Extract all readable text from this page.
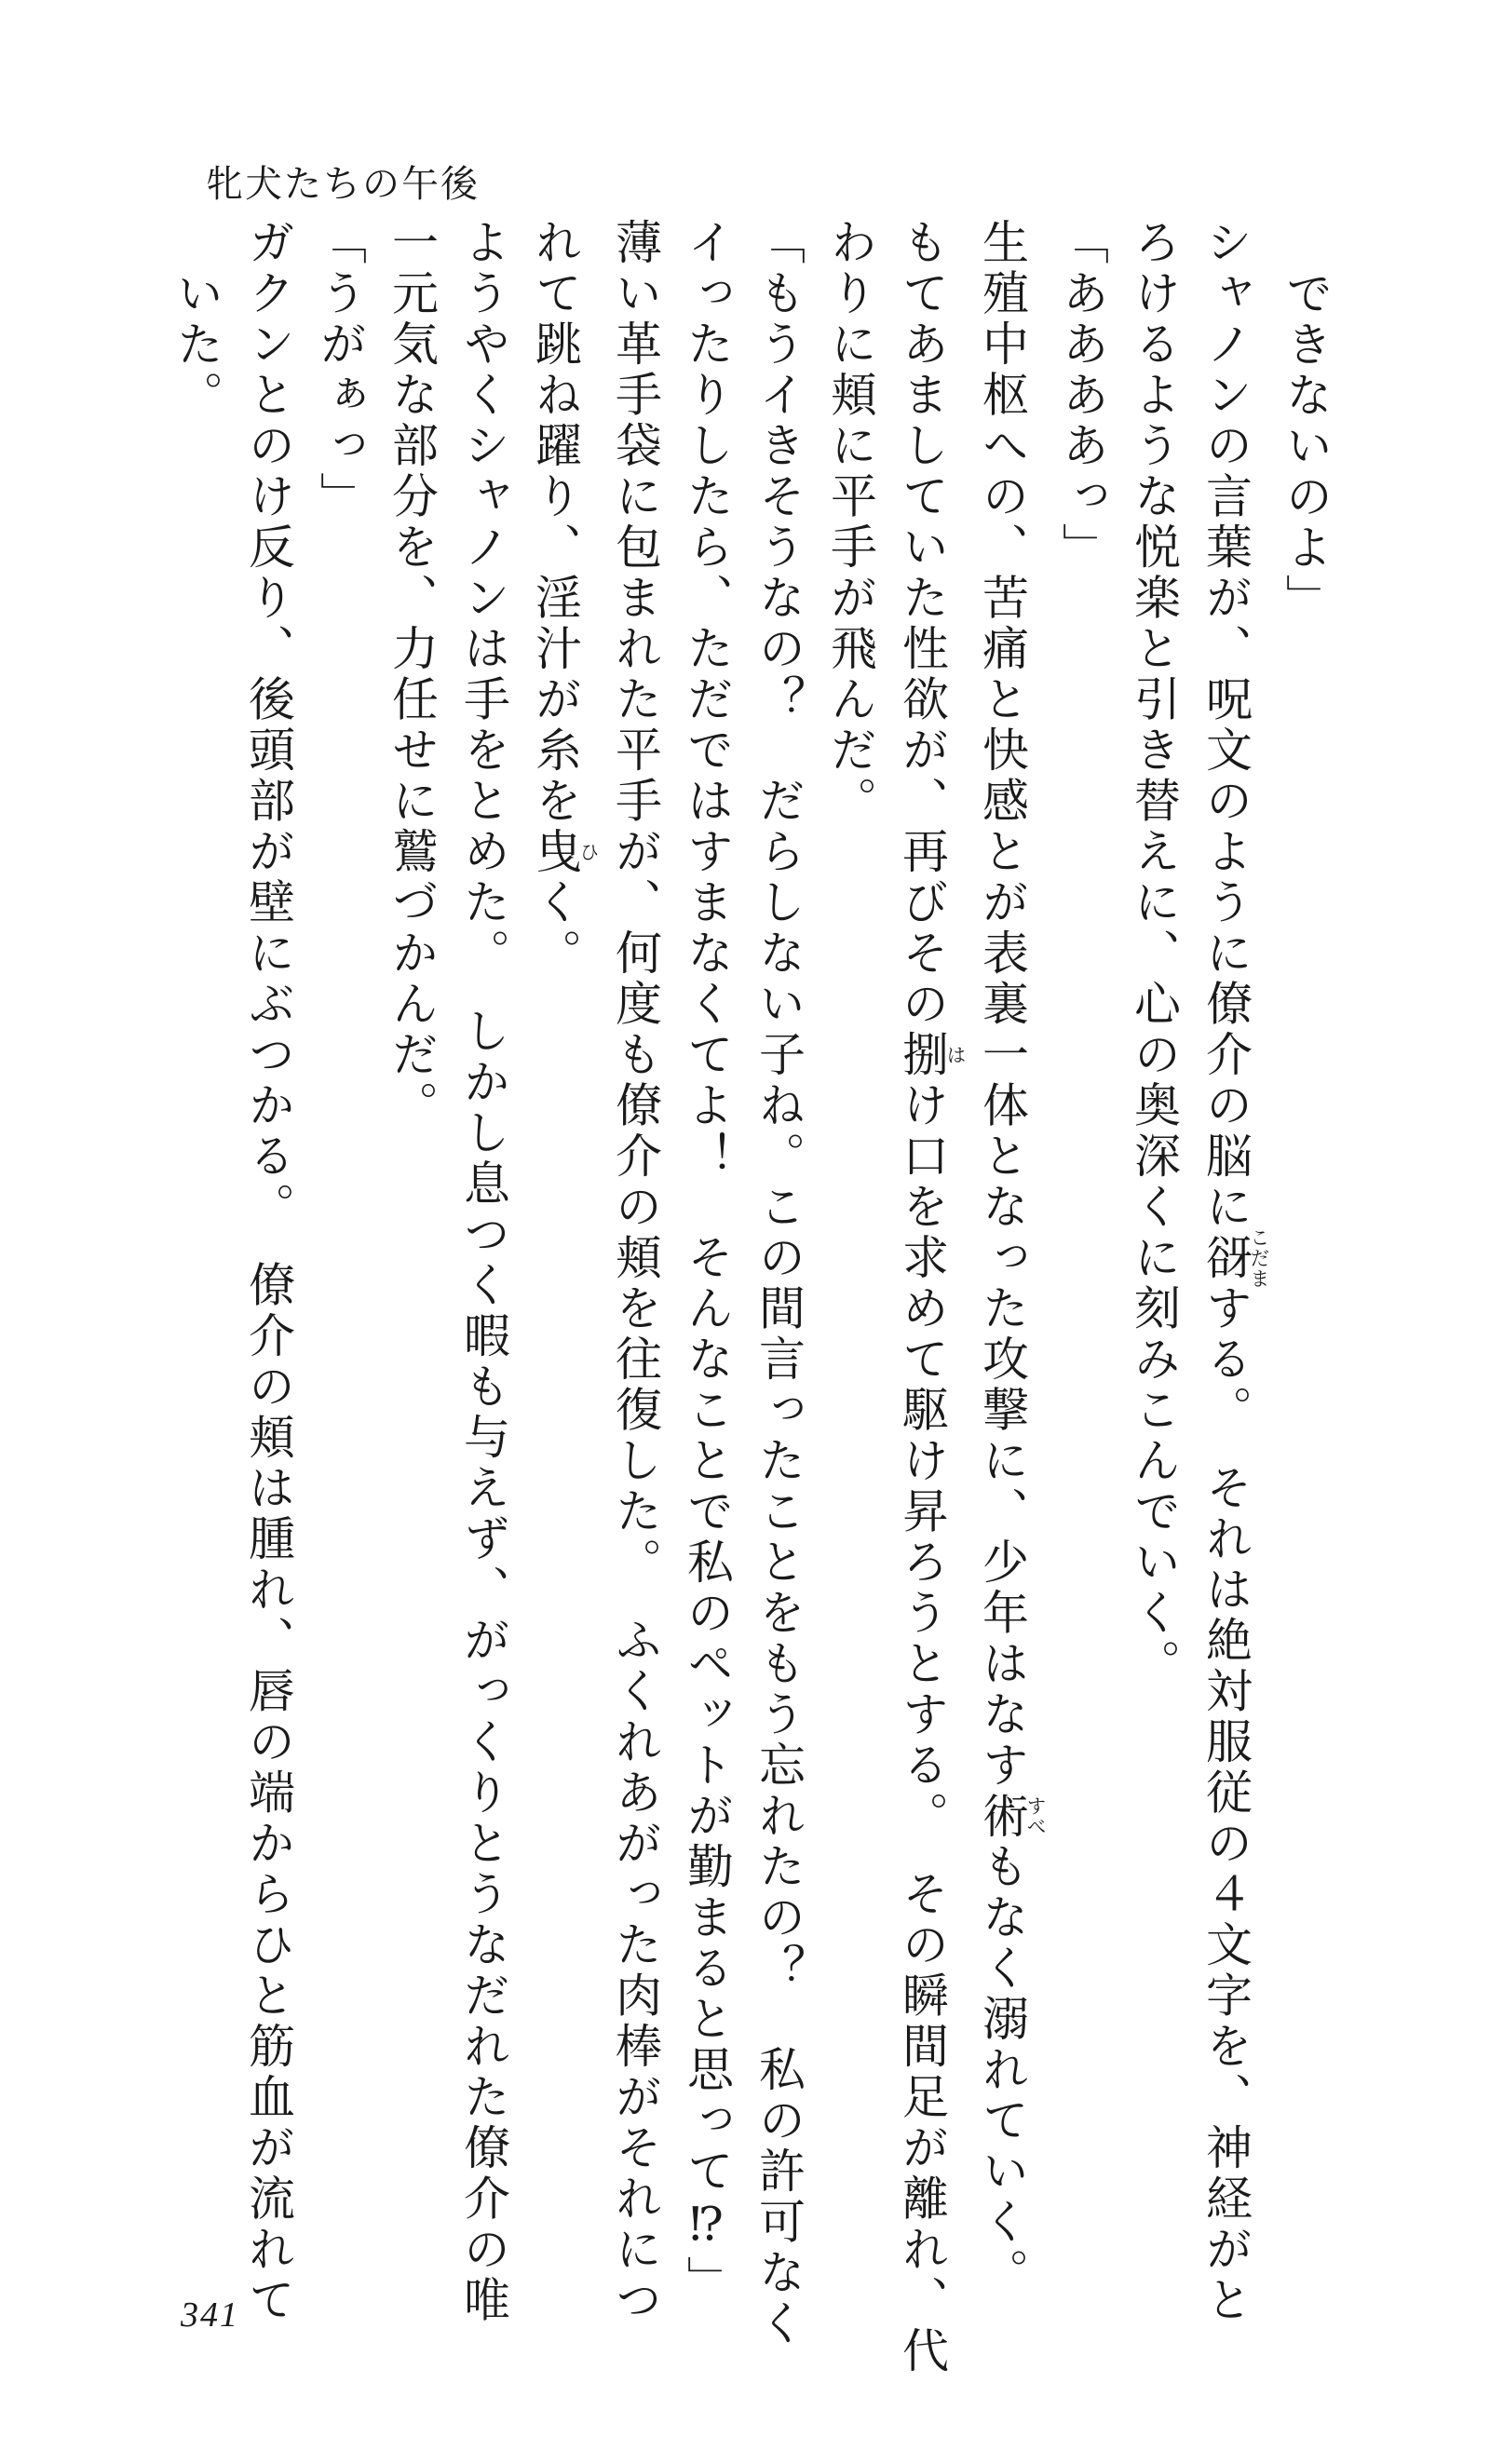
牝犬たちの午後
できないのよ」
シャノンの言葉が、呪文のように僚介の脳に谺こだまする。　それは絶対服従の４文字を、神経がと
ろけるような悦楽と引き替えに、心の奥深くに刻みこんでいく。
「ああああっ」
生殖中枢への、苦痛と快感とが表裏一体となった攻撃に、少年はなす術すべもなく溺れていく。
もてあましていた性欲が、再びその捌はけ口を求めて駆け昇ろうとする。　その瞬間足が離れ、代
わりに頬に平手が飛んだ。
「もうイきそうなの？　だらしない子ね。この間言ったことをもう忘れたの？　私の許可なく
イったりしたら、ただではすまなくてよ！　そんなことで私のペットが勤まると思って⁉」
薄い革手袋に包まれた平手が、何度も僚介の頬を往復した。　ふくれあがった肉棒がそれにつ
れて跳ね躍り、淫汁が糸を曳ひく。
ようやくシャノンは手をとめた。　しかし息つく暇も与えず、がっくりとうなだれた僚介の唯
一元気な部分を、力任せに鷲づかんだ。
「うがぁっ」
ガクンとのけ反り、後頭部が壁にぶつかる。　僚介の頬は腫れ、唇の端からひと筋血が流れて
いた。
341
